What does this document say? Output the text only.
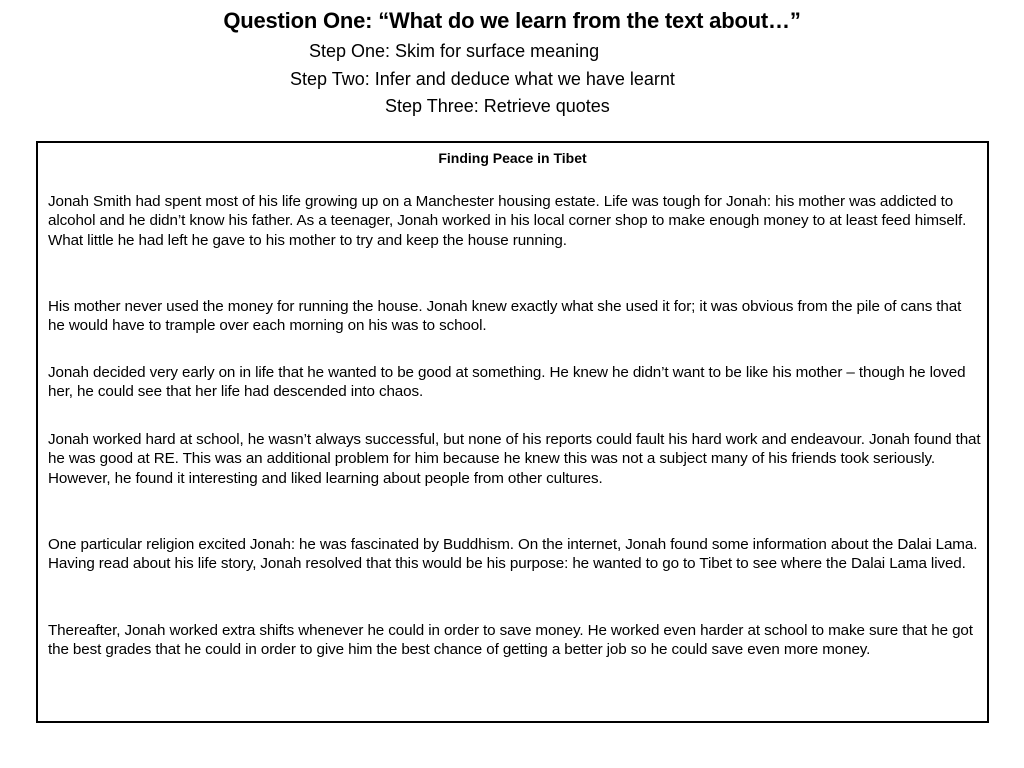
Question One: “What do we learn from the text about…”
Step One: Skim for surface meaning
Step Two: Infer and deduce what we have learnt
Step Three: Retrieve quotes
Finding Peace in Tibet

Jonah Smith had spent most of his life growing up on a Manchester housing estate. Life was tough for Jonah: his mother was addicted to alcohol and he didn’t know his father. As a teenager, Jonah worked in his local corner shop to make enough money to at least feed himself. What little he had left he gave to his mother to try and keep the house running.

His mother never used the money for running the house. Jonah knew exactly what she used it for; it was obvious from the pile of cans that he would have to trample over each morning on his was to school.

Jonah decided very early on in life that he wanted to be good at something. He knew he didn’t want to be like his mother – though he loved her, he could see that her life had descended into chaos.

Jonah worked hard at school, he wasn’t always successful, but none of his reports could fault his hard work and endeavour. Jonah found that he was good at RE. This was an additional problem for him because he knew this was not a subject many of his friends took seriously. However, he found it interesting and liked learning about people from other cultures.

One particular religion excited Jonah: he was fascinated by Buddhism. On the internet, Jonah found some information about the Dalai Lama. Having read about his life story, Jonah resolved that this would be his purpose: he wanted to go to Tibet to see where the Dalai Lama lived.

Thereafter, Jonah worked extra shifts whenever he could in order to save money. He worked even harder at school to make sure that he got the best grades that he could in order to give him the best chance of getting a better job so he could save even more money.
